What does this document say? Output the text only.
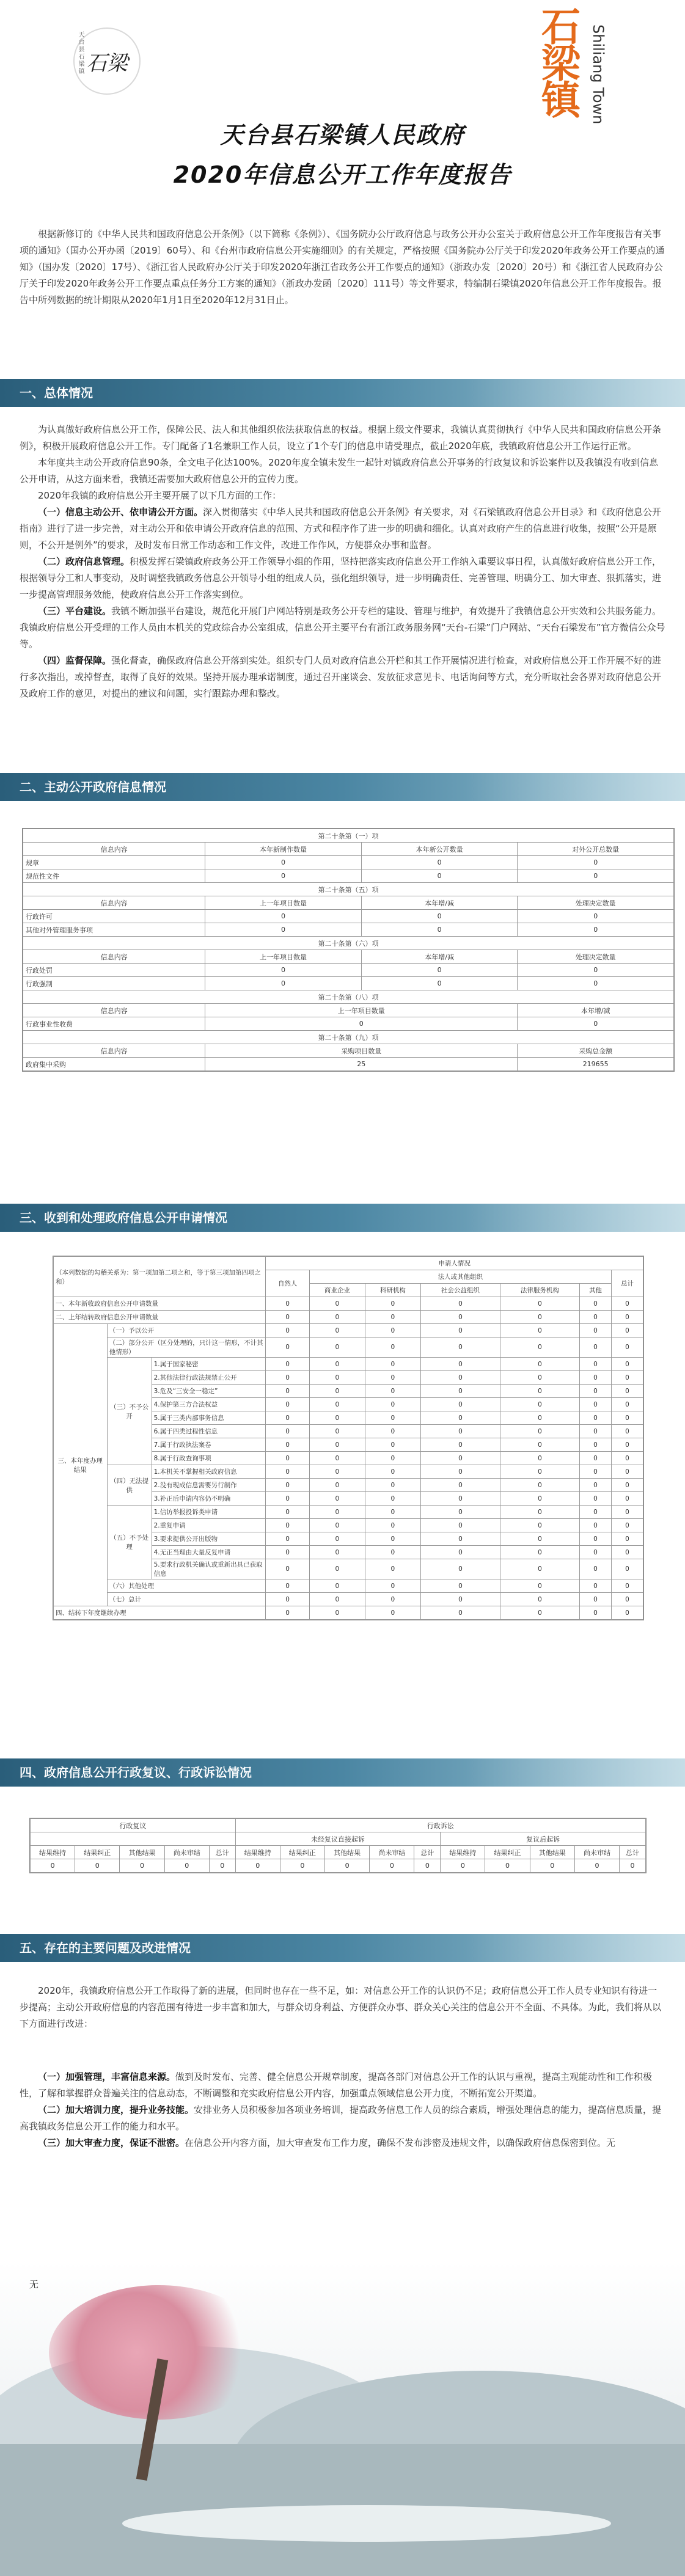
石梁
天台县石梁镇	石梁镇 Shiliang Town
天台县石梁镇人民政府
2020年信息公开工作年度报告
根据新修订的《中华人民共和国政府信息公开条例》（以下简称《条例》）、《国务院办公厅政府信息与政务公开办公室关于政府信息公开工作年度报告有关事项的通知》（国办公开办函〔2019〕60号）、和《台州市政府信息公开实施细则》的有关规定，严格按照《国务院办公厅关于印发2020年政务公开工作要点的通知》（国办发〔2020〕17号）、《浙江省人民政府办公厅关于印发2020年浙江省政务公开工作要点的通知》（浙政办发〔2020〕20号）和《浙江省人民政府办公厅关于印发2020年政务公开工作要点重点任务分工方案的通知》（浙政办发函〔2020〕111号）等文件要求，特编制石梁镇2020年信息公开工作年度报告。报告中所列数据的统计期限从2020年1月1日至2020年12月31日止。
一、总体情况

为认真做好政府信息公开工作，保障公民、法人和其他组织依法获取信息的权益。根据上级文件要求，我镇认真贯彻执行《中华人民共和国政府信息公开条例》，积极开展政府信息公开工作。专门配备了1名兼职工作人员，设立了1个专门的信息申请受理点，截止2020年底，我镇政府信息公开工作运行正常。

本年度共主动公开政府信息90条，全文电子化达100%。2020年度全镇未发生一起针对镇政府信息公开事务的行政复议和诉讼案件以及我镇没有收到信息公开申请，从这方面来看，我镇还需要加大政府信息公开的宣传力度。

2020年我镇的政府信息公开主要开展了以下几方面的工作：

（一）信息主动公开、依申请公开方面。深入贯彻落实《中华人民共和国政府信息公开条例》有关要求，对《石梁镇政府信息公开目录》和《政府信息公开指南》进行了进一步完善，对主动公开和依申请公开政府信息的范围、方式和程序作了进一步的明确和细化。认真对政府产生的信息进行收集，按照“公开是原则，不公开是例外”的要求，及时发布日常工作动态和工作文件，改进工作作风，方便群众办事和监督。

（二）政府信息管理。积极发挥石梁镇政府政务公开工作领导小组的作用，坚持把落实政府信息公开工作纳入重要议事日程，认真做好政府信息公开工作，根据领导分工和人事变动，及时调整我镇政务信息公开领导小组的组成人员，强化组织领导，进一步明确责任、完善管理、明确分工、加大审查、狠抓落实，进一步提高管理服务效能，使政府信息公开工作落实到位。

（三）平台建设。我镇不断加强平台建设，规范化开展门户网站特别是政务公开专栏的建设、管理与维护，有效提升了我镇信息公开实效和公共服务能力。我镇政府信息公开受理的工作人员由本机关的党政综合办公室组成，信息公开主要平台有浙江政务服务网“天台-石梁”门户网站、“天台石梁发布”官方微信公众号等。

（四）监督保障。强化督查，确保政府信息公开落到实处。组织专门人员对政府信息公开栏和其工作开展情况进行检查，对政府信息公开工作开展不好的进行多次指出，或掉督查，取得了良好的效果。坚持开展办理承诺制度，通过召开座谈会、发放征求意见卡、电话询问等方式，充分听取社会各界对政府信息公开及政府工作的意见，对提出的建议和问题，实行跟踪办理和整改。

二、主动公开政府信息情况
第二十条第（一）项			
信息内容	本年新制作数量	本年新公开数量	对外公开总数量
规章	0	0	0
规范性文件	0	0	0
第二十条第（五）项			
信息内容	上一年项目数量	本年增/减	处理决定数量
行政许可	0	0	0
其他对外管理服务事项	0	0	0
第二十条第（六）项			
信息内容	上一年项目数量	本年增/减	处理决定数量
行政处罚	0	0	0
行政强制	0	0	0
第二十条第（八）项			
信息内容	上一年项目数量		本年增/减
行政事业性收费	0		0
第二十条第（九）项			
信息内容	采购项目数量		采购总金额
政府集中采购	25		219655
三、收到和处理政府信息公开申请情况
（本列数据的勾稽关系为：第一项加第二项之和，等于第三项加第四项之和）			申请人情况						
			自然人	法人或其他组织					总计
				商业企业	科研机构	社会公益组织	法律服务机构	其他	
一、本年新收政府信息公开申请数量			0	0	0	0	0	0	0
二、上年结转政府信息公开申请数量			0	0	0	0	0	0	0
三、本年度办理结果	（一）予以公开		0	0	0	0	0	0	0
	（二）部分公开（区分处理的，只计这一情形，不计其他情形）		0	0	0	0	0	0	0
	（三）不予公开	1.属于国家秘密	0	0	0	0	0	0	0
		2.其他法律行政法规禁止公开	0	0	0	0	0	0	0
		3.危及“三安全一稳定”	0	0	0	0	0	0	0
		4.保护第三方合法权益	0	0	0	0	0	0	0
		5.属于三类内部事务信息	0	0	0	0	0	0	0
		6.属于四类过程性信息	0	0	0	0	0	0	0
		7.属于行政执法案卷	0	0	0	0	0	0	0
		8.属于行政查询事项	0	0	0	0	0	0	0
	（四）无法提供	1.本机关不掌握相关政府信息	0	0	0	0	0	0	0
		2.没有现成信息需要另行制作	0	0	0	0	0	0	0
		3.补正后申请内容仍不明确	0	0	0	0	0	0	0
	（五）不予处理	1.信访举报投诉类申请	0	0	0	0	0	0	0
		2.重复申请	0	0	0	0	0	0	0
		3.要求提供公开出版物	0	0	0	0	0	0	0
		4.无正当理由大量反复申请	0	0	0	0	0	0	0
		5.要求行政机关确认或重新出具已获取信息	0	0	0	0	0	0	0
	（六）其他处理		0	0	0	0	0	0	0
	（七）总计		0	0	0	0	0	0	0
四、结转下年度继续办理			0	0	0	0	0	0	0
四、政府信息公开行政复议、行政诉讼情况
行政复议					行政诉讼									
					未经复议直接起诉					复议后起诉				
结果维持	结果纠正	其他结果	尚未审结	总计	结果维持	结果纠正	其他结果	尚未审结	总计	结果维持	结果纠正	其他结果	尚未审结	总计
0	0	0	0	0	0	0	0	0	0	0	0	0	0	0
五、存在的主要问题及改进情况

2020年，我镇政府信息公开工作取得了新的进展，但同时也存在一些不足，如：对信息公开工作的认识仍不足；政府信息公开工作人员专业知识有待进一步提高；主动公开政府信息的内容范围有待进一步丰富和加大，与群众切身利益、方便群众办事、群众关心关注的信息公开不全面、不具体。为此，我们将从以下方面进行改进：

（一）加强管理，丰富信息来源。做到及时发布、完善、健全信息公开规章制度，提高各部门对信息公开工作的认识与重视，提高主观能动性和工作积极性，了解和掌握群众普遍关注的信息动态，不断调整和充实政府信息公开内容，加强重点领域信息公开力度，不断拓宽公开渠道。

（二）加大培训力度，提升业务技能。安排业务人员积极参加各项业务培训，提高政务信息工作人员的综合素质，增强处理信息的能力，提高信息质量，提高我镇政务信息公开工作的能力和水平。

（三）加大审查力度，保证不泄密。在信息公开内容方面，加大审查发布工作力度，确保不发布涉密及违规文件，以确保政府信息保密到位。无

无
